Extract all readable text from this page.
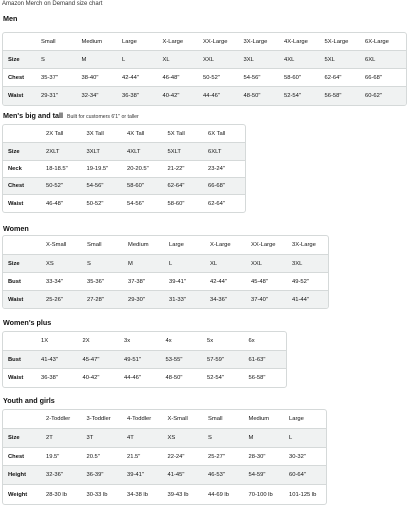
Amazon Merch on Demand size chart
Men
Small	Medium	Large	X-Large	XX-Large	3X-Large	4X-Large	5X-Large	6X-Large
Size	S	M	L	XL	XXL	3XL	4XL	5XL	6XL
Chest	35-37"	38-40"	42-44"	46-48"	50-52"	54-56"	58-60"	62-64"	66-68"
Waist	29-31"	32-34"	36-38"	40-42"	44-46"	48-50"	52-54"	56-58"	60-62"
Men's big and tall Built for customers 6'1" or taller
2X Tall	3X Tall	4X Tall	5X Tall	6X Tall
Size	2XLT	3XLT	4XLT	5XLT	6XLT
Neck	18-18.5"	19-19.5"	20-20.5"	21-22"	23-24"
Chest	50-52"	54-56"	58-60"	62-64"	66-68"
Waist	46-48"	50-52"	54-56"	58-60"	62-64"
Women
X-Small	Small	Medium	Large	X-Large	XX-Large	3X-Large
Size	XS	S	M	L	XL	XXL	3XL
Bust	33-34"	35-36"	37-38"	39-41"	42-44"	45-48"	49-52"
Waist	25-26"	27-28"	29-30"	31-33"	34-36"	37-40"	41-44"
Women's plus
1X	2X	3x	4x	5x	6x
Bust	41-43"	45-47"	49-51"	53-55"	57-59"	61-63"
Waist	36-38"	40-42"	44-46"	48-50"	52-54"	56-58"
Youth and girls
2-Toddler	3-Toddler	4-Toddler	X-Small	Small	Medium	Large
Size	2T	3T	4T	XS	S	M	L
Chest	19.5"	20.5"	21.5"	22-24"	25-27"	28-30"	30-32"
Height	32-36"	36-39"	39-41"	41-45"	46-53"	54-59"	60-64"
Weight	28-30 lb	30-33 lb	34-38 lb	39-43 lb	44-69 lb	70-100 lb	101-125 lb
